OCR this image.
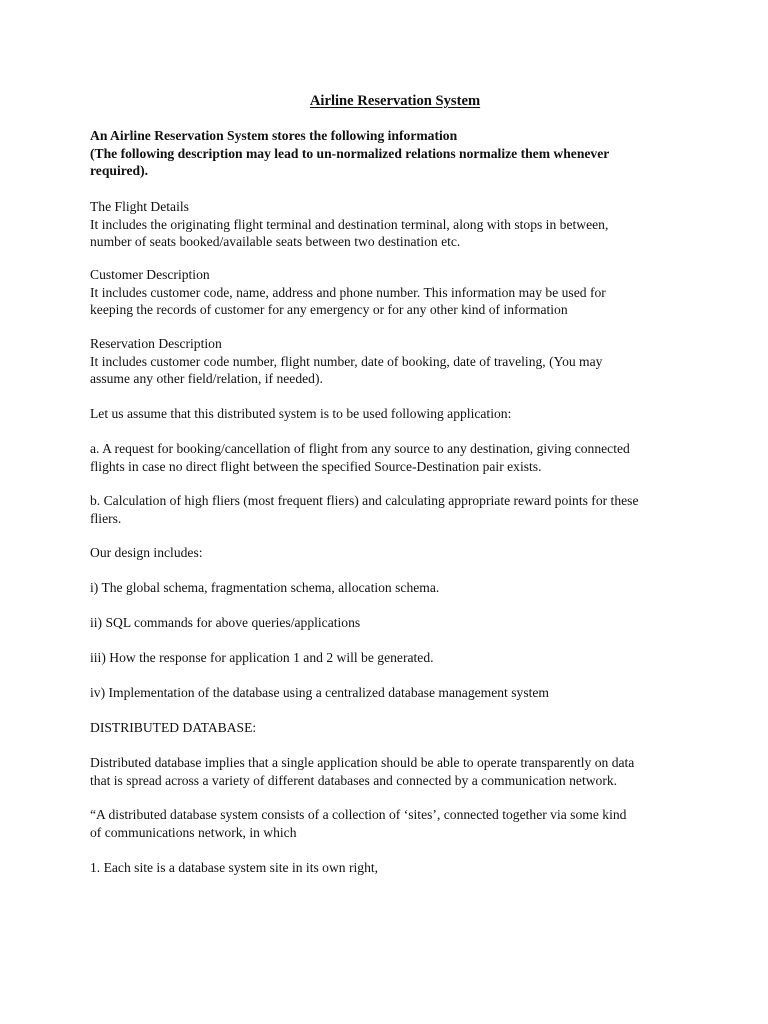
Airline Reservation System
An Airline Reservation System stores the following information
(The following description may lead to un-normalized relations normalize them whenever
required).
The Flight Details
It includes the originating flight terminal and destination terminal, along with stops in between,
number of seats booked/available seats between two destination etc.
Customer Description
It includes customer code, name, address and phone number. This information may be used for
keeping the records of customer for any emergency or for any other kind of information
Reservation Description
It includes customer code number, flight number, date of booking, date of traveling, (You may
assume any other field/relation, if needed).
Let us assume that this distributed system is to be used following application:
a. A request for booking/cancellation of flight from any source to any destination, giving connected
flights in case no direct flight between the specified Source-Destination pair exists.
b. Calculation of high fliers (most frequent fliers) and calculating appropriate reward points for these
fliers.
Our design includes:
i) The global schema, fragmentation schema, allocation schema.
ii) SQL commands for above queries/applications
iii) How the response for application 1 and 2 will be generated.
iv) Implementation of the database using a centralized database management system
DISTRIBUTED DATABASE:
Distributed database implies that a single application should be able to operate transparently on data
that is spread across a variety of different databases and connected by a communication network.
“A distributed database system consists of a collection of ‘sites’, connected together via some kind
of communications network, in which
1. Each site is a database system site in its own right,
